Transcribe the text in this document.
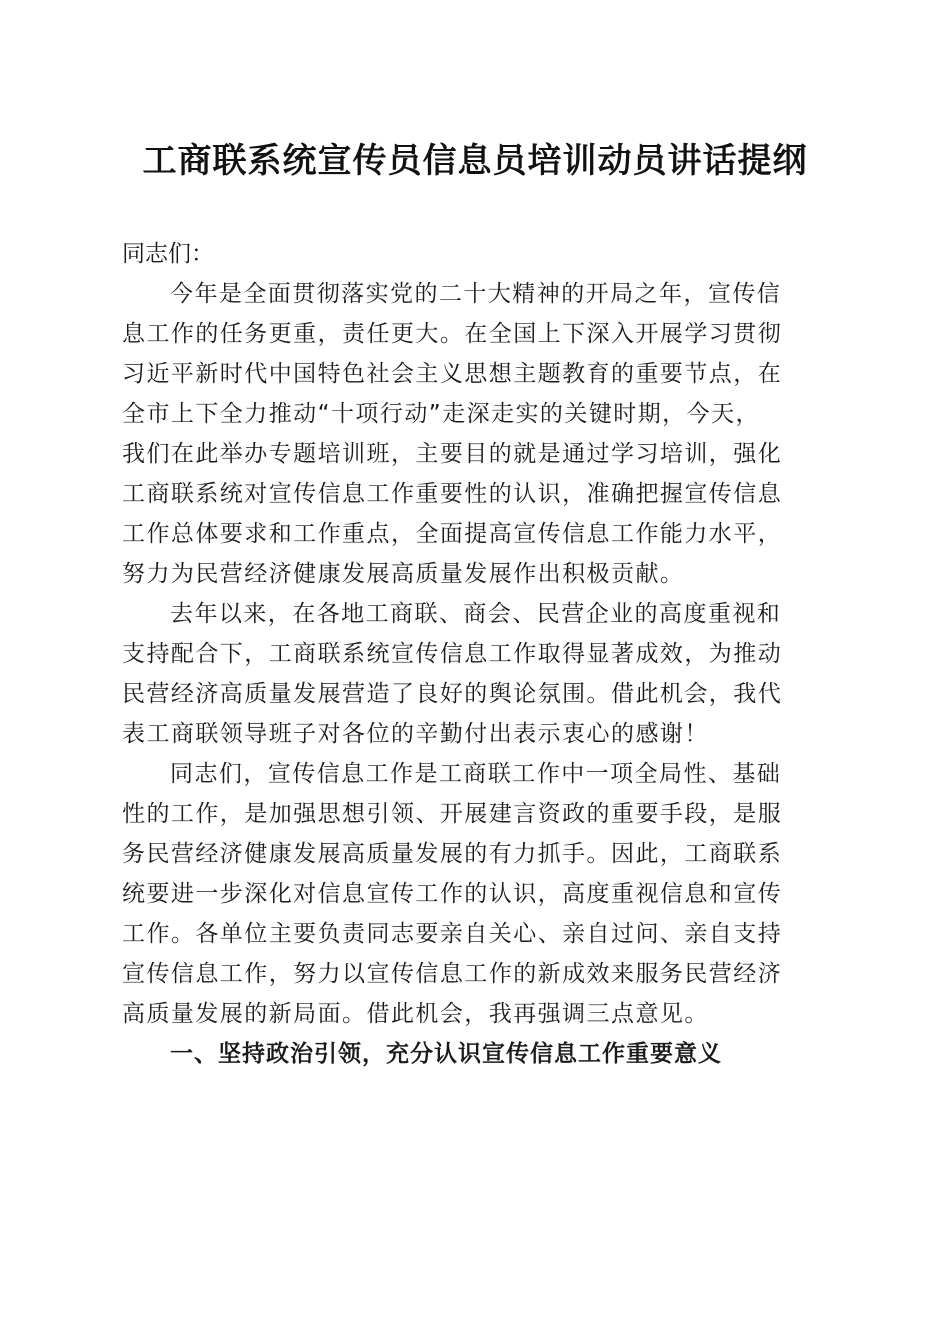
工商联系统宣传员信息员培训动员讲话提纲

同志们：

今年是全面贯彻落实党的二十大精神的开局之年，宣传信
息工作的任务更重，责任更大。在全国上下深入开展学习贯彻
习近平新时代中国特色社会主义思想主题教育的重要节点，在
全市上下全力推动“十项行动”走深走实的关键时期，今天，
我们在此举办专题培训班，主要目的就是通过学习培训，强化
工商联系统对宣传信息工作重要性的认识，准确把握宣传信息
工作总体要求和工作重点，全面提高宣传信息工作能力水平，
努力为民营经济健康发展高质量发展作出积极贡献。

去年以来，在各地工商联、商会、民营企业的高度重视和
支持配合下，工商联系统宣传信息工作取得显著成效，为推动
民营经济高质量发展营造了良好的舆论氛围。借此机会，我代
表工商联领导班子对各位的辛勤付出表示衷心的感谢！

同志们，宣传信息工作是工商联工作中一项全局性、基础
性的工作，是加强思想引领、开展建言资政的重要手段，是服
务民营经济健康发展高质量发展的有力抓手。因此，工商联系
统要进一步深化对信息宣传工作的认识，高度重视信息和宣传
工作。各单位主要负责同志要亲自关心、亲自过问、亲自支持
宣传信息工作，努力以宣传信息工作的新成效来服务民营经济
高质量发展的新局面。借此机会，我再强调三点意见。

一、坚持政治引领，充分认识宣传信息工作重要意义
